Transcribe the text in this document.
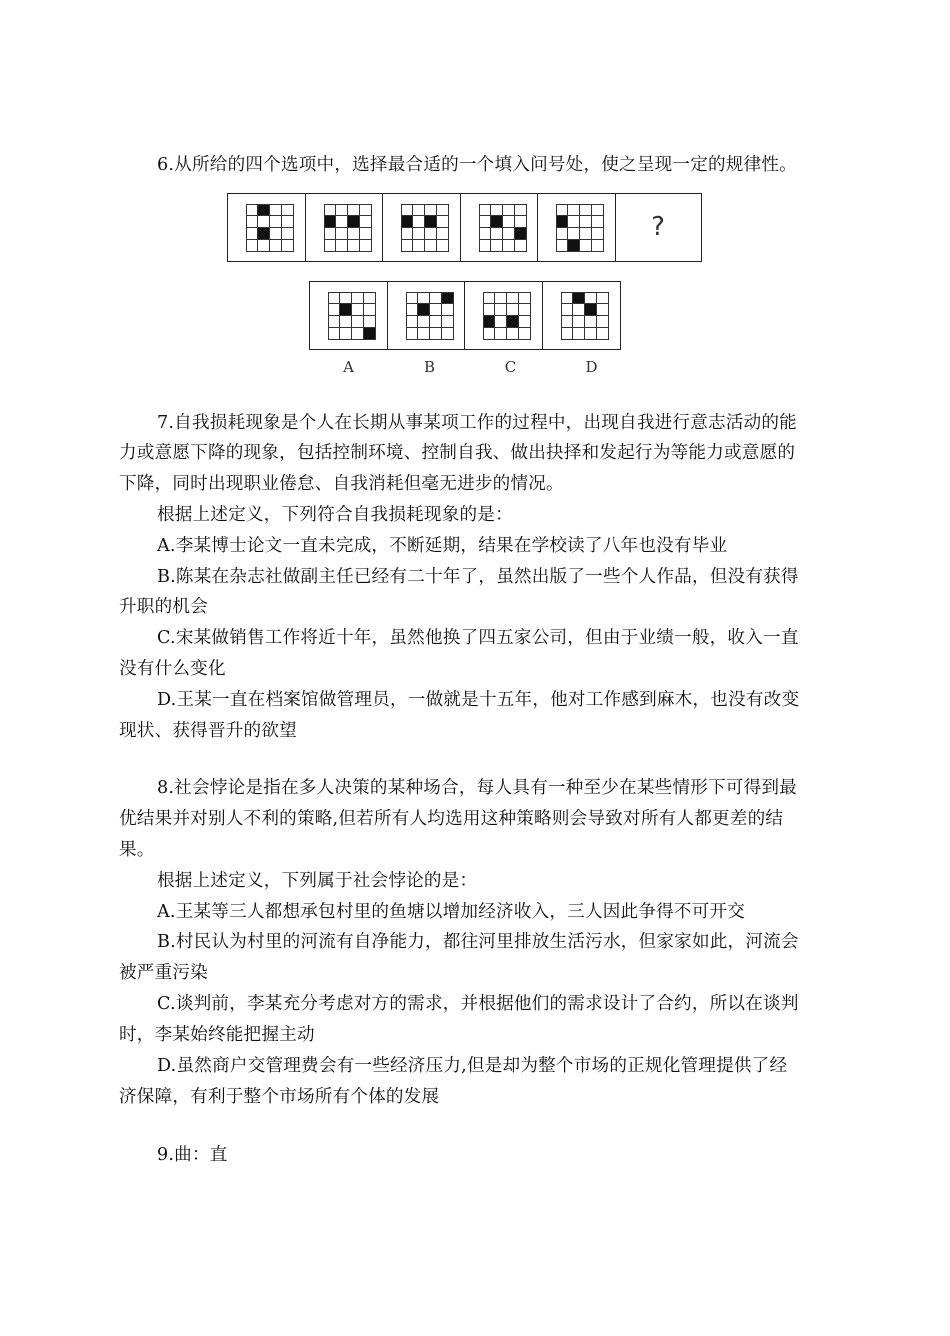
6.从所给的四个选项中，选择最合适的一个填入问号处，使之呈现一定的规律性。
?
A	B	C	D
7.自我损耗现象是个人在长期从事某项工作的过程中，出现自我进行意志活动的能
力或意愿下降的现象，包括控制环境、控制自我、做出抉择和发起行为等能力或意愿的
下降，同时出现职业倦怠、自我消耗但毫无进步的情况。
根据上述定义，下列符合自我损耗现象的是：
A.李某博士论文一直未完成，不断延期，结果在学校读了八年也没有毕业
B.陈某在杂志社做副主任已经有二十年了，虽然出版了一些个人作品，但没有获得
升职的机会
C.宋某做销售工作将近十年，虽然他换了四五家公司，但由于业绩一般，收入一直
没有什么变化
D.王某一直在档案馆做管理员，一做就是十五年，他对工作感到麻木，也没有改变
现状、获得晋升的欲望
8.社会悖论是指在多人决策的某种场合，每人具有一种至少在某些情形下可得到最
优结果并对别人不利的策略,但若所有人均选用这种策略则会导致对所有人都更差的结
果。
根据上述定义，下列属于社会悖论的是：
A.王某等三人都想承包村里的鱼塘以增加经济收入，三人因此争得不可开交
B.村民认为村里的河流有自净能力，都往河里排放生活污水，但家家如此，河流会
被严重污染
C.谈判前，李某充分考虑对方的需求，并根据他们的需求设计了合约，所以在谈判
时，李某始终能把握主动
D.虽然商户交管理费会有一些经济压力,但是却为整个市场的正规化管理提供了经
济保障，有利于整个市场所有个体的发展
9.曲：直
